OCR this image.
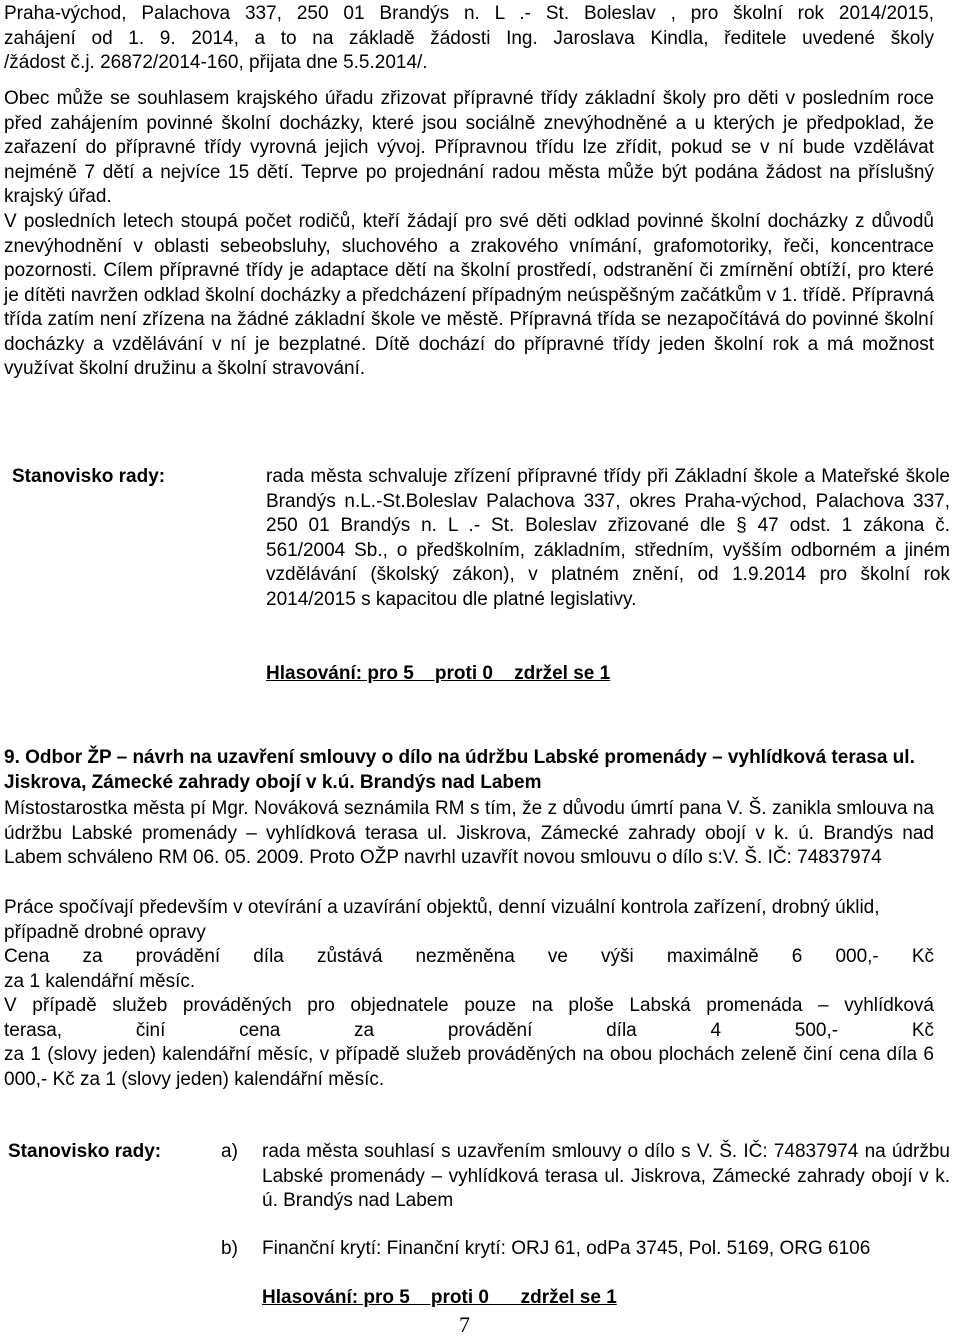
Praha-východ, Palachova 337, 250 01 Brandýs n. L .- St. Boleslav , pro školní rok 2014/2015,
zahájení od 1. 9. 2014, a to na základě žádosti Ing. Jaroslava Kindla, ředitele uvedené školy
/žádost č.j. 26872/2014-160, přijata dne 5.5.2014/.

Obec může se souhlasem krajského úřadu zřizovat přípravné třídy základní školy pro děti v posledním roce před zahájením povinné školní docházky, které jsou sociálně znevýhodněné a u kterých je předpoklad, že zařazení do přípravné třídy vyrovná jejich vývoj. Přípravnou třídu lze zřídit, pokud se v ní bude vzdělávat nejméně 7 dětí a nejvíce 15 dětí. Teprve po projednání radou města může být podána žádost na příslušný krajský úřad.

V posledních letech stoupá počet rodičů, kteří žádají pro své děti odklad povinné školní docházky z důvodů znevýhodnění v oblasti sebeobsluhy, sluchového a zrakového vnímání, grafomotoriky, řeči, koncentrace pozornosti. Cílem přípravné třídy je adaptace dětí na školní prostředí, odstranění či zmírnění obtíží, pro které je dítěti navržen odklad školní docházky a předcházení případným neúspěšným začátkům v 1. třídě. Přípravná třída zatím není zřízena na žádné základní škole ve městě. Přípravná třída se nezapočítává do povinné školní docházky a vzdělávání v ní je bezplatné. Dítě dochází do přípravné třídy jeden školní rok a má možnost využívat školní družinu a školní stravování.

Stanovisko rady:	rada města schvaluje zřízení přípravné třídy při Základní škole a Mateřské škole Brandýs n.L.-St.Boleslav Palachova 337, okres Praha-východ, Palachova 337, 250 01 Brandýs n. L .- St. Boleslav zřizované dle § 47 odst. 1 zákona č. 561/2004 Sb., o předškolním, základním, středním, vyšším odborném a jiném vzdělávání (školský zákon), v platném znění, od 1.9.2014 pro školní rok 2014/2015 s kapacitou dle platné legislativy.

Hlasování: pro 5    proti 0    zdržel se 1

9. Odbor ŽP – návrh na uzavření smlouvy o dílo na údržbu Labské promenády – vyhlídková terasa ul. Jiskrova, Zámecké zahrady obojí v k.ú. Brandýs nad Labem

Místostarostka města pí Mgr. Nováková seznámila RM s tím, že z důvodu úmrtí pana V. Š. zanikla smlouva na údržbu Labské promenády – vyhlídková terasa ul. Jiskrova, Zámecké zahrady obojí v k. ú. Brandýs nad Labem schváleno RM 06. 05. 2009. Proto OŽP navrhl uzavřít novou smlouvu o dílo s:V. Š. IČ: 74837974

Práce spočívají především v otevírání a uzavírání objektů, denní vizuální kontrola zařízení, drobný úklid, případně drobné opravy

Cena za provádění díla zůstává nezměněna ve výši maximálně 6 000,- Kč
za 1 kalendářní měsíc.
V případě služeb prováděných pro objednatele pouze na ploše Labská promenáda – vyhlídková
terasa, činí cena za provádění díla 4 500,- Kč
za 1 (slovy jeden) kalendářní měsíc, v případě služeb prováděných na obou plochách zeleně činí cena díla 6 000,- Kč za 1 (slovy jeden) kalendářní měsíc.
Stanovisko rady:	a) rada města souhlasí s uzavřením smlouvy o dílo s V. Š. IČ: 74837974 na údržbu Labské promenády – vyhlídková terasa ul. Jiskrova, Zámecké zahrady obojí v k. ú. Brandýs nad Labem

b) Finanční krytí: Finanční krytí: ORJ 61, odPa 3745, Pol. 5169, ORG 6106

Hlasování: pro 5    proti 0      zdržel se 1
7
